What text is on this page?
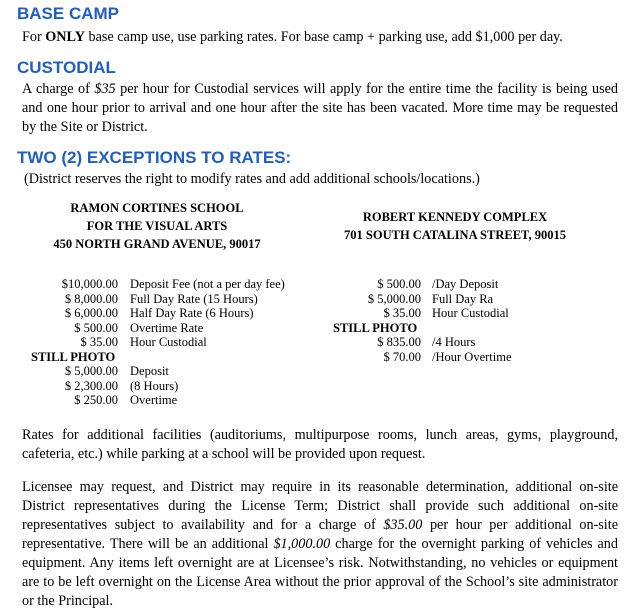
BASE CAMP

For ONLY base camp use, use parking rates. For base camp + parking use, add $1,000 per day.

CUSTODIAL

A charge of $35 per hour for Custodial services will apply for the entire time the facility is being used and one hour prior to arrival and one hour after the site has been vacated. More time may be requested by the Site or District.

TWO (2) EXCEPTIONS TO RATES:

(District reserves the right to modify rates and add additional schools/locations.)

RAMON CORTINES SCHOOL
FOR THE VISUAL ARTS
450 NORTH GRAND AVENUE, 90017
ROBERT KENNEDY COMPLEX
701 SOUTH CATALINA STREET, 90015
$10,000.00 Deposit Fee (not a per day fee)
$ 8,000.00 Full Day Rate (15 Hours)
$ 6,000.00 Half Day Rate (6 Hours)
$ 500.00 Overtime Rate
$ 35.00 Hour Custodial
STILL PHOTO
$ 5,000.00 Deposit
$ 2,300.00 (8 Hours)
$ 250.00 Overtime
$ 500.00 /Day Deposit
$ 5,000.00 Full Day Ra
$ 35.00 Hour Custodial
STILL PHOTO
$ 835.00 /4 Hours
$ 70.00 /Hour Overtime

Rates for additional facilities (auditoriums, multipurpose rooms, lunch areas, gyms, playground, cafeteria, etc.) while parking at a school will be provided upon request.

Licensee may request, and District may require in its reasonable determination, additional on-site District representatives during the License Term; District shall provide such additional on-site representatives subject to availability and for a charge of $35.00 per hour per additional on-site representative. There will be an additional $1,000.00 charge for the overnight parking of vehicles and equipment. Any items left overnight are at Licensee’s risk. Notwithstanding, no vehicles or equipment are to be left overnight on the License Area without the prior approval of the School’s site administrator or the Principal.
